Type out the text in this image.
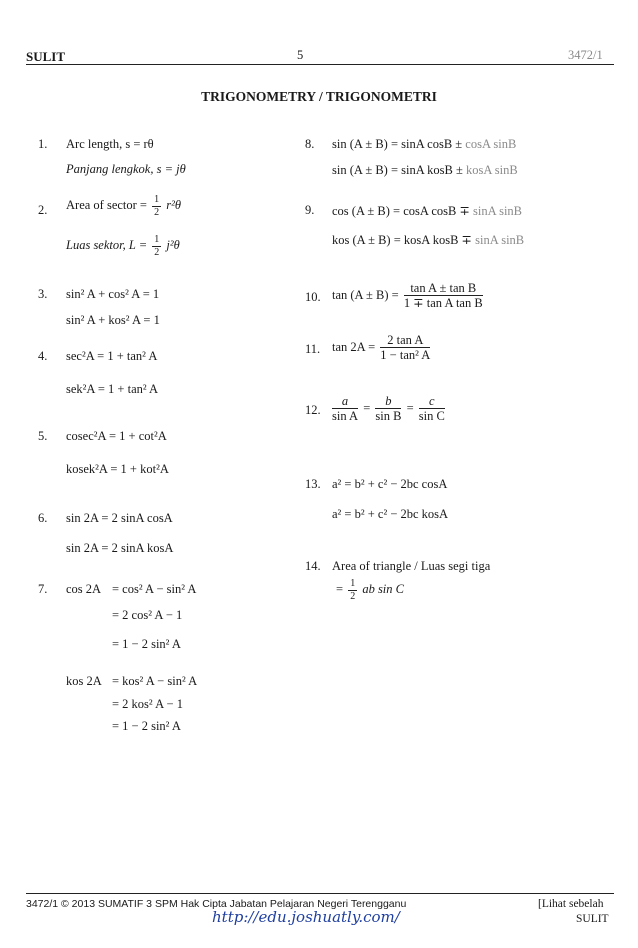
SULIT	5	3472/1
TRIGONOMETRY / TRIGONOMETRI
1. Arc length, s = rθ
Panjang lengkok, s = jθ
2. Area of sector = $\frac{1}{2} r^2\theta$
Luas sektor, $L = \frac{1}{2} j^2\theta$
3. sin² A + cos² A = 1
sin² A + kos² A = 1
4. sec²A = 1 + tan² A
sek²A = 1 + tan² A
5. cosec²A = 1 + cot²A
kosek²A = 1 + kot²A
6. sin 2A = 2 sinA cosA
sin 2A = 2 sinA kosA
7. cos 2A = cos² A − sin² A
= 2 cos² A − 1
= 1 − 2 sin² A
kos 2A = kos² A − sin² A
= 2 kos² A − 1
= 1 − 2 sin² A
8. sin (A ± B) = sinA cosB ± cosA sinB
sin (A ± B) = sinA kosB ± kosA sinB
9. cos (A ± B) = cosA cosB ∓ sinA sinB
kos (A ± B) = kosA kosB ∓ sinA sinB
10. $\tan (A \pm B) = \frac{\text{tan A ± tan B}}{\text{1 ∓ tan A tan B}}$
11. $\tan 2A = \frac{\text{2 tan A}}{\text{1 − tan² A}}$
12. $\frac{a}{\text{sin A}} = \frac{b}{\text{sin B}} = \frac{c}{\text{sin C}}$
13. a² = b² + c² − 2bc cosA
a² = b² + c² − 2bc kosA
14. Area of triangle / Luas segi tiga
= $\frac{1}{2}$ ab sin C
3472/1 © 2013 SUMATIF 3 SPM Hak Cipta Jabatan Pelajaran Negeri Terengganu	[Lihat sebelah
SULIT
http://edu.joshuatly.com/
